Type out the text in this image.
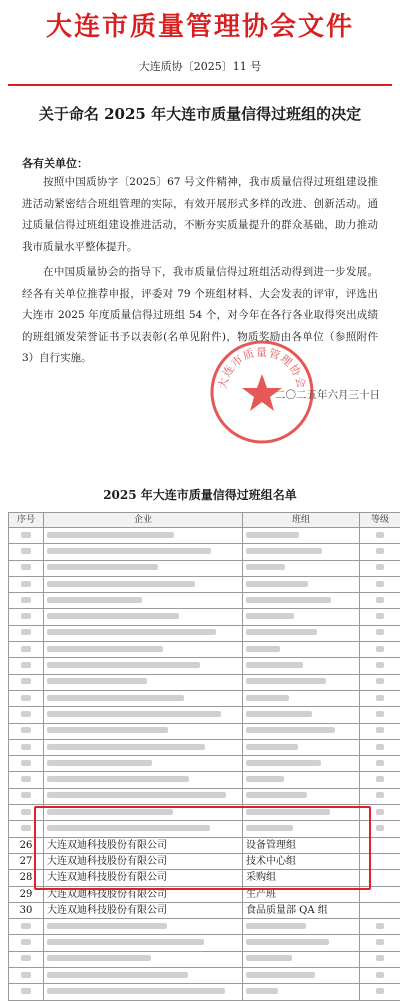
大连市质量管理协会文件
大连质协〔2025〕11 号
关于命名 2025 年大连市质量信得过班组的决定
各有关单位：

按照中国质协字〔2025〕67 号文件精神，我市质量信得过班组建设推进活动紧密结合班组管理的实际，有效开展形式多样的改进、创新活动。通过质量信得过班组建设推进活动，不断夯实质量提升的群众基础，助力推动我市质量水平整体提升。

在中国质量协会的指导下，我市质量信得过班组活动得到进一步发展。经各有关单位推荐申报，评委对 79 个班组材料、大会发表的评审，评选出大连市 2025 年度质量信得过班组 54 个，对今年在各行各业取得突出成绩的班组颁发荣誉证书予以表彰(名单见附件)，物质奖励由各单位（参照附件3）自行实施。

大连市质量管理协会
二〇二五年六月三十日
2025 年大连市质量信得过班组名单
序号	企业	班组	等级

26	大连双迪科技股份有限公司	设备管理组	
27	大连双迪科技股份有限公司	技术中心组	
28	大连双迪科技股份有限公司	采购组	
29	大连双迪科技股份有限公司	生产班	
30	大连双迪科技股份有限公司	食品质量部 QA 组	
